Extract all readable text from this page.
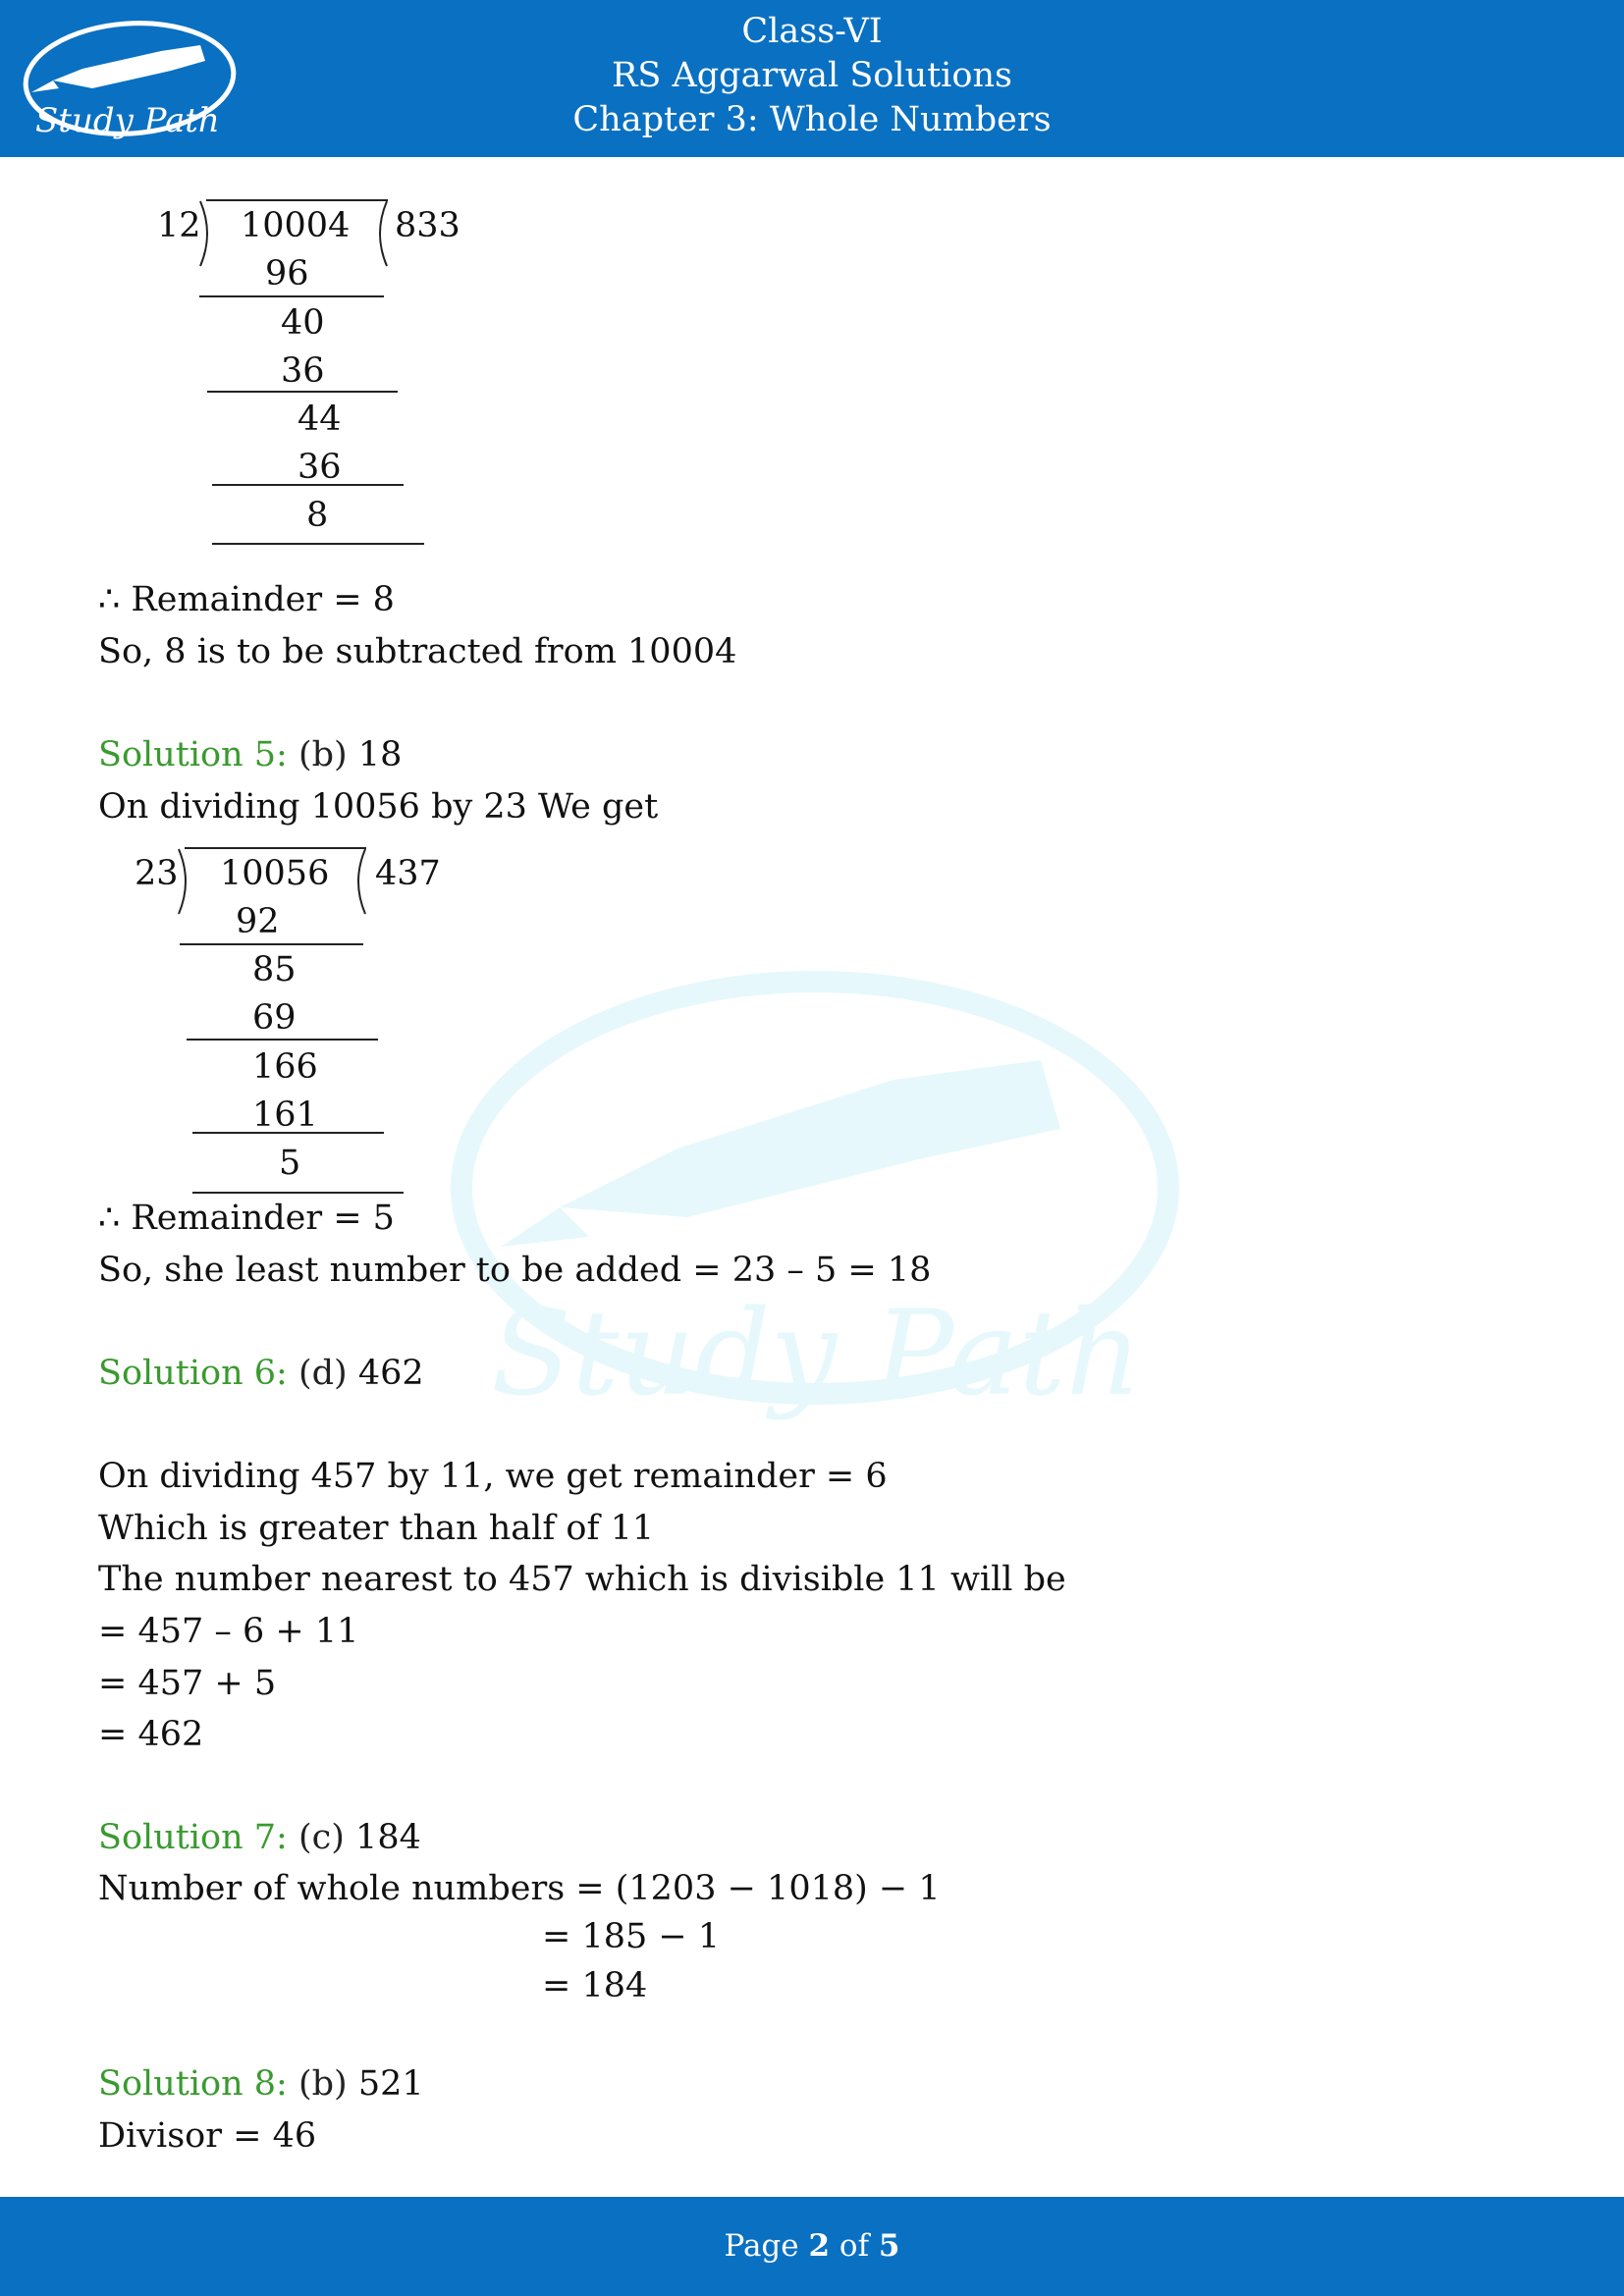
Study Path
Class-VI
RS Aggarwal Solutions
Chapter 3: Whole Numbers
Study Path
12 10004 833
96
40
36
44
36
8
∴ Remainder = 8
So, 8 is to be subtracted from 10004
Solution 5: (b) 18
On dividing 10056 by 23 We get
23 10056 437
92
85
69
166
161
5
∴ Remainder = 5
So, she least number to be added = 23 – 5 = 18
Solution 6: (d) 462
On dividing 457 by 11, we get remainder = 6
Which is greater than half of 11
The number nearest to 457 which is divisible 11 will be
= 457 – 6 + 11
= 457 + 5
= 462
Solution 7: (c) 184
Number of whole numbers = (1203 − 1018) − 1
= 185 − 1
= 184
Solution 8: (b) 521
Divisor = 46
Page 2 of 5
